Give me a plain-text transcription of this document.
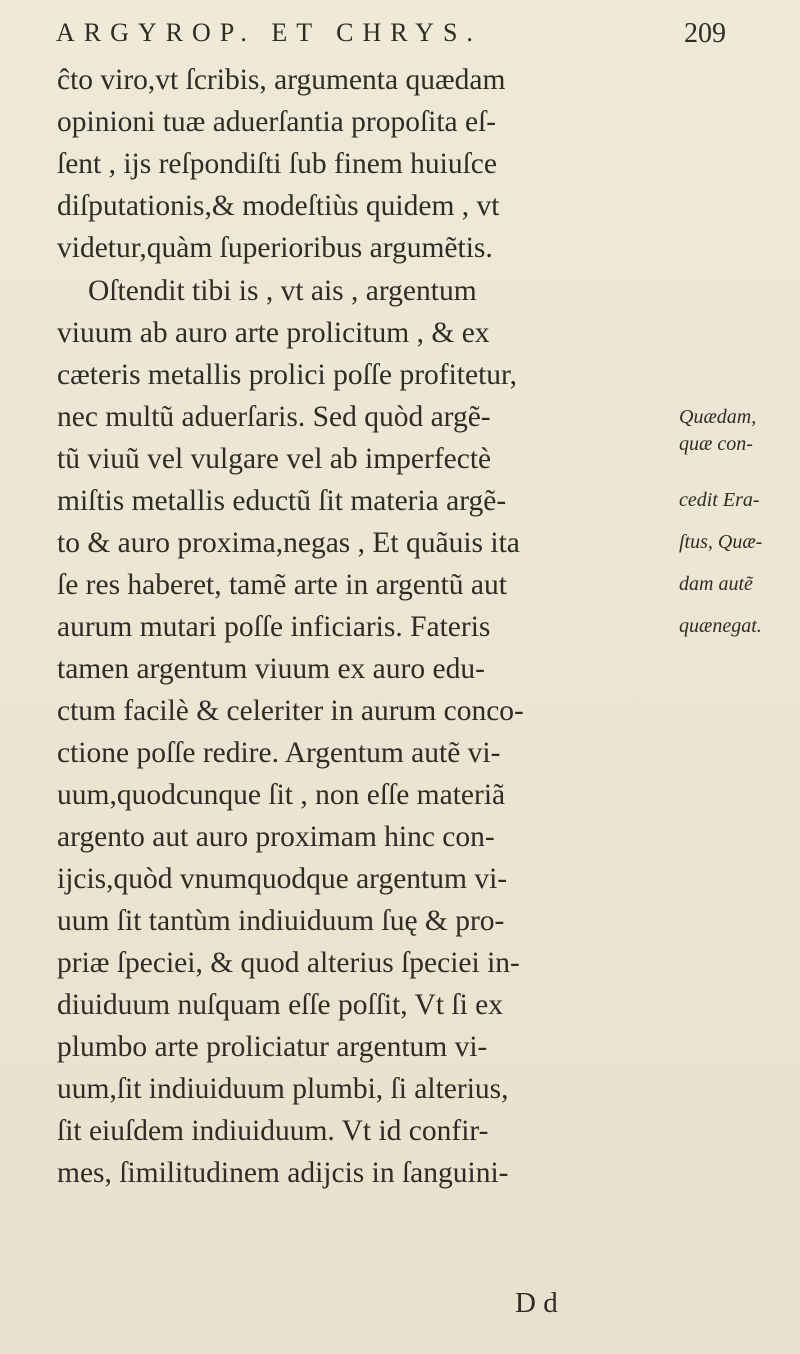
ARGYROP. ET CHRYS.	209
ĉto viro,vt ſcribis, argumenta quædam
opinioni tuæ aduerſantia propoſita eſ-
ſent , ijs reſpondiſti ſub finem huiuſce
diſputationis,& modeſtiùs quidem , vt
videtur,quàm ſuperioribus argumẽtis.
Oſtendit tibi is , vt ais , argentum
viuum ab auro arte prolicitum , & ex
cæteris metallis prolici poſſe profitetur,
nec multũ aduerſaris. Sed quòd argẽ-
tũ viuũ vel vulgare vel ab imperfectè
miſtis metallis eductũ ſit materia argẽ-
to & auro proxima,negas , Et quãuis ita
ſe res haberet, tamẽ arte in argentũ aut
aurum mutari poſſe inficiaris. Fateris
tamen argentum viuum ex auro edu-
ctum facilè & celeriter in aurum conco-
ctione poſſe redire. Argentum autẽ vi-
uum,quodcunque ſit , non eſſe materiã
argento aut auro proximam hinc con-
ijcis,quòd vnumquodque argentum vi-
uum ſit tantùm indiuiduum ſuę & pro-
priæ ſpeciei, & quod alterius ſpeciei in-
diuiduum nuſquam eſſe poſſit, Vt ſi ex
plumbo arte proliciatur argentum vi-
uum,ſit indiuiduum plumbi, ſi alterius,
ſit eiuſdem indiuiduum. Vt id confir-
mes, ſimilitudinem adijcis in ſanguini-
Quædam,
quæ con-
cedit Era-
ſtus, Quæ-
dam autẽ
quænegat.
D d
